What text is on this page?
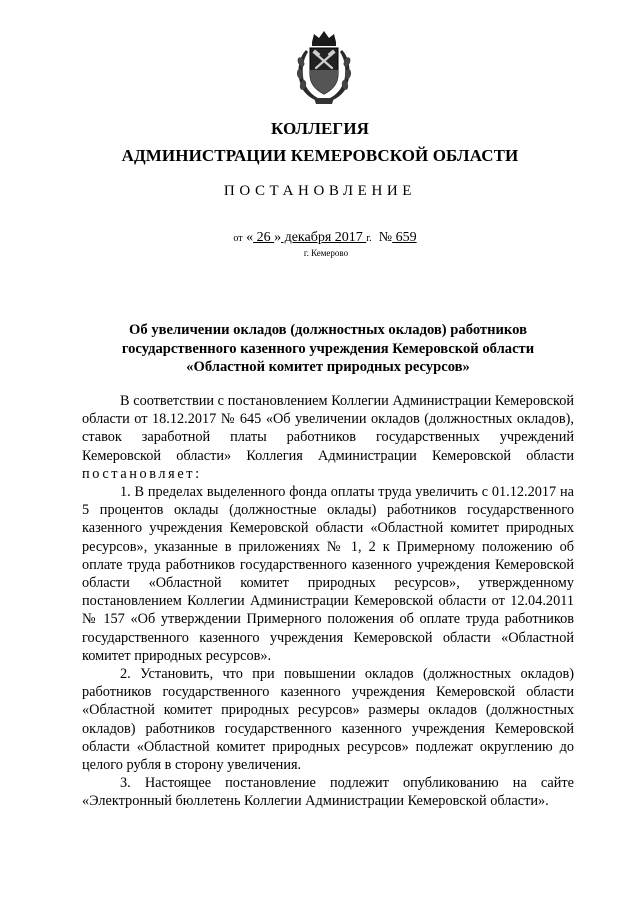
КОЛЛЕГИЯ
АДМИНИСТРАЦИИ КЕМЕРОВСКОЙ ОБЛАСТИ
ПОСТАНОВЛЕНИЕ
от « 26 » декабря 2017 г. № 659
г. Кемерово
Об увеличении окладов (должностных окладов) работников
государственного казенного учреждения Кемеровской области
«Областной комитет природных ресурсов»

В соответствии с постановлением Коллегии Администрации Кемеровской области от 18.12.2017 № 645 «Об увеличении окладов (должностных окладов), ставок заработной платы работников государственных учреждений Кемеровской области» Коллегия Администрации Кемеровской области постановляет:

1. В пределах выделенного фонда оплаты труда увеличить с 01.12.2017 на 5 процентов оклады (должностные оклады) работников государственного казенного учреждения Кемеровской области «Областной комитет природных ресурсов», указанные в приложениях № 1, 2 к Примерному положению об оплате труда работников государственного казенного учреждения Кемеровской области «Областной комитет природных ресурсов», утвержденному постановлением Коллегии Администрации Кемеровской области от 12.04.2011 № 157 «Об утверждении Примерного положения об оплате труда работников государственного казенного учреждения Кемеровской области «Областной комитет природных ресурсов».

2. Установить, что при повышении окладов (должностных окладов) работников государственного казенного учреждения Кемеровской области «Областной комитет природных ресурсов» размеры окладов (должностных окладов) работников государственного казенного учреждения Кемеровской области «Областной комитет природных ресурсов» подлежат округлению до целого рубля в сторону увеличения.

3. Настоящее постановление подлежит опубликованию на сайте «Электронный бюллетень Коллегии Администрации Кемеровской области».
